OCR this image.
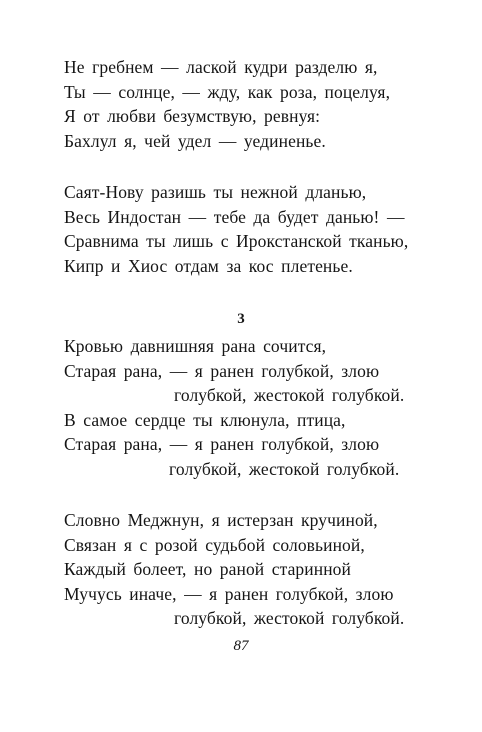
Не гребнем — лаской кудри разделю я,
Ты — солнце, — жду, как роза, поцелуя,
Я от любви безумствую, ревнуя:
Бахлул я, чей удел — уединенье.
Саят-Нову разишь ты нежной дланью,
Весь Индостан — тебе да будет данью! —
Сравнима ты лишь с Ирокстанской тканью,
Кипр и Хиос отдам за кос плетенье.
3
Кровью давнишняя рана сочится,
Старая рана, — я ранен голубкой, злою
голубкой, жестокой голубкой.
В самое сердце ты клюнула, птица,
Старая рана, — я ранен голубкой, злою
голубкой, жестокой голубкой.
Словно Меджнун, я истерзан кручиной,
Связан я с розой судьбой соловьиной,
Каждый болеет, но раной старинной
Мучусь иначе, — я ранен голубкой, злою
голубкой, жестокой голубкой.
87
